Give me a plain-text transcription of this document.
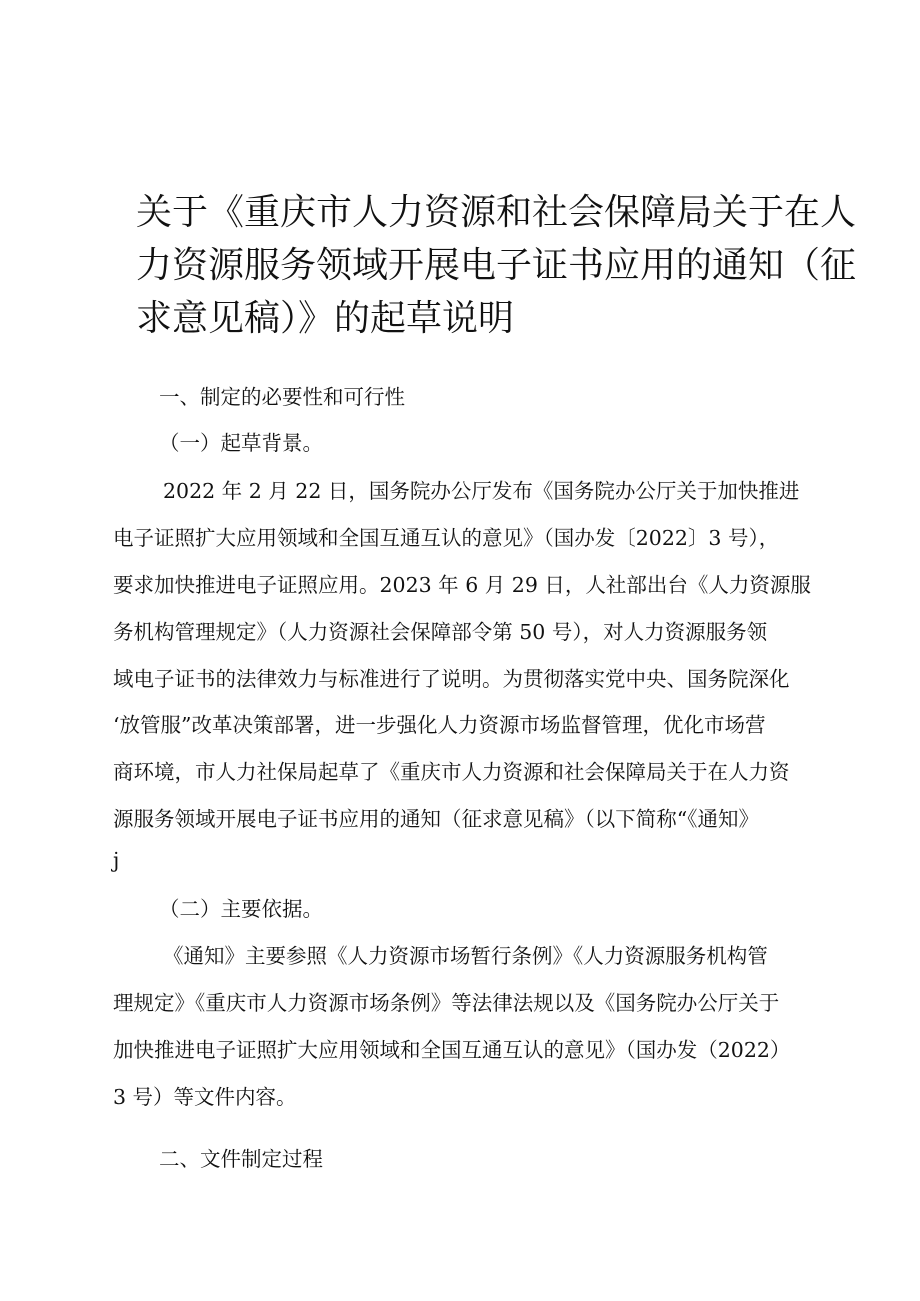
关于《重庆市人力资源和社会保障局关于在人
力资源服务领域开展电子证书应用的通知（征
求意见稿）》的起草说明
一、制定的必要性和可行性
（一）起草背景。
2022 年 2 月 22 日，国务院办公厅发布《国务院办公厅关于加快推进
电子证照扩大应用领域和全国互通互认的意见》（国办发〔2022〕3 号），
要求加快推进电子证照应用。2023 年 6 月 29 日，人社部出台《人力资源服
务机构管理规定》（人力资源社会保障部令第 50 号），对人力资源服务领
域电子证书的法律效力与标准进行了说明。为贯彻落实党中央、国务院深化
‘放管服”改革决策部署，进一步强化人力资源市场监督管理，优化市场营
商环境，市人力社保局起草了《重庆市人力资源和社会保障局关于在人力资
源服务领域开展电子证书应用的通知（征求意见稿》（以下简称“《通知》
j
（二）主要依据。
《通知》主要参照《人力资源市场暂行条例》《人力资源服务机构管
理规定》《重庆市人力资源市场条例》等法律法规以及《国务院办公厅关于
加快推进电子证照扩大应用领域和全国互通互认的意见》（国办发（2022）
3 号）等文件内容。
二、文件制定过程
